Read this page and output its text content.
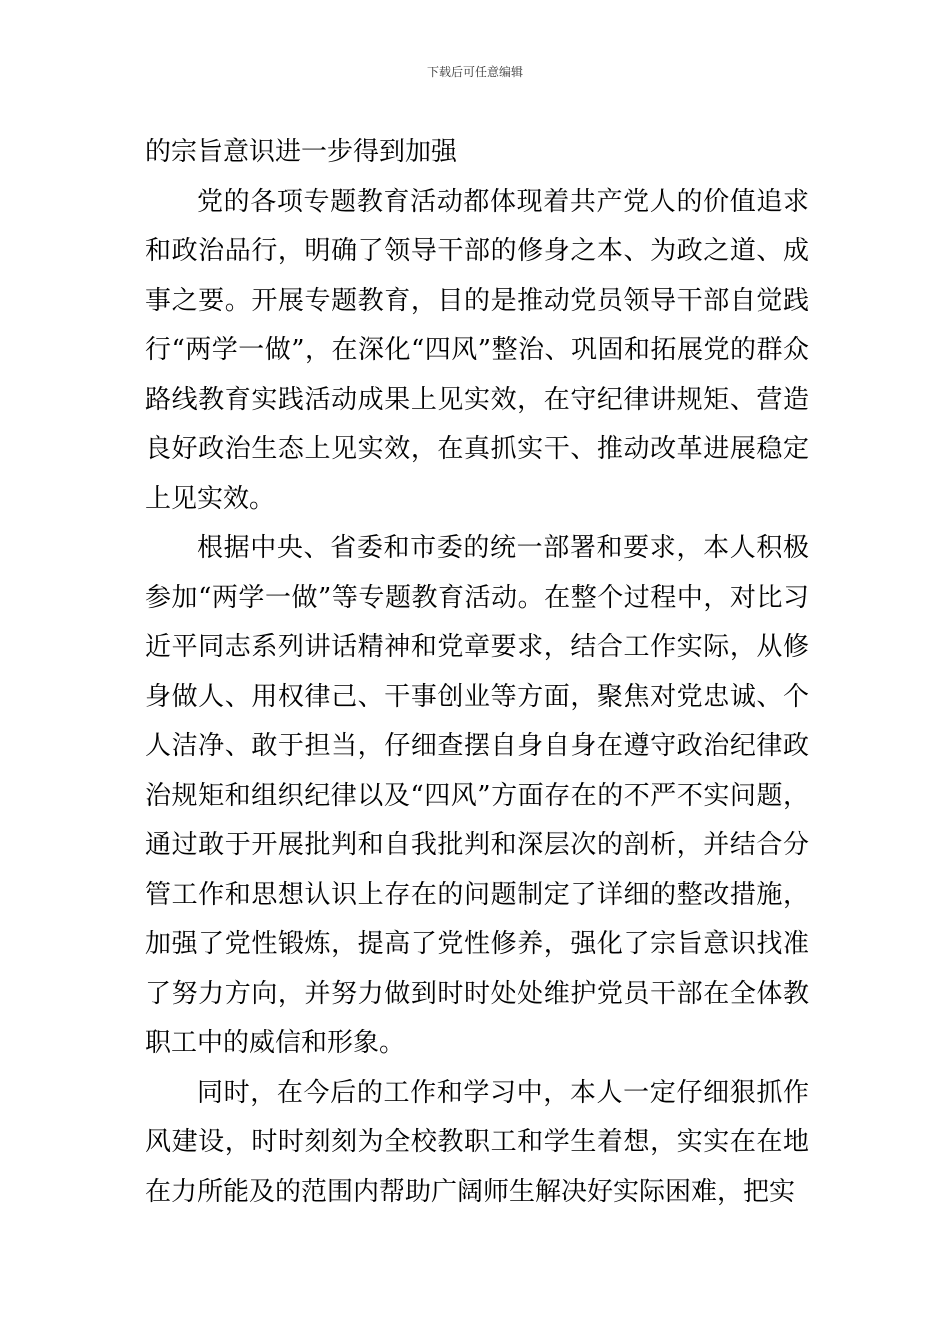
下载后可任意编辑

的宗旨意识进一步得到加强

党的各项专题教育活动都体现着共产党人的价值追求和政治品行，明确了领导干部的修身之本、为政之道、成事之要。开展专题教育，目的是推动党员领导干部自觉践行“两学一做”，在深化“四风”整治、巩固和拓展党的群众路线教育实践活动成果上见实效，在守纪律讲规矩、营造良好政治生态上见实效，在真抓实干、推动改革进展稳定上见实效。

根据中央、省委和市委的统一部署和要求，本人积极参加“两学一做”等专题教育活动。在整个过程中，对比习近平同志系列讲话精神和党章要求，结合工作实际，从修身做人、用权律己、干事创业等方面，聚焦对党忠诚、个人洁净、敢于担当，仔细查摆自身自身在遵守政治纪律政治规矩和组织纪律以及“四风”方面存在的不严不实问题，通过敢于开展批判和自我批判和深层次的剖析，并结合分管工作和思想认识上存在的问题制定了详细的整改措施，加强了党性锻炼，提高了党性修养，强化了宗旨意识找准了努力方向，并努力做到时时处处维护党员干部在全体教职工中的威信和形象。

同时，在今后的工作和学习中，本人一定仔细狠抓作风建设，时时刻刻为全校教职工和学生着想，实实在在地在力所能及的范围内帮助广阔师生解决好实际困难，把实
